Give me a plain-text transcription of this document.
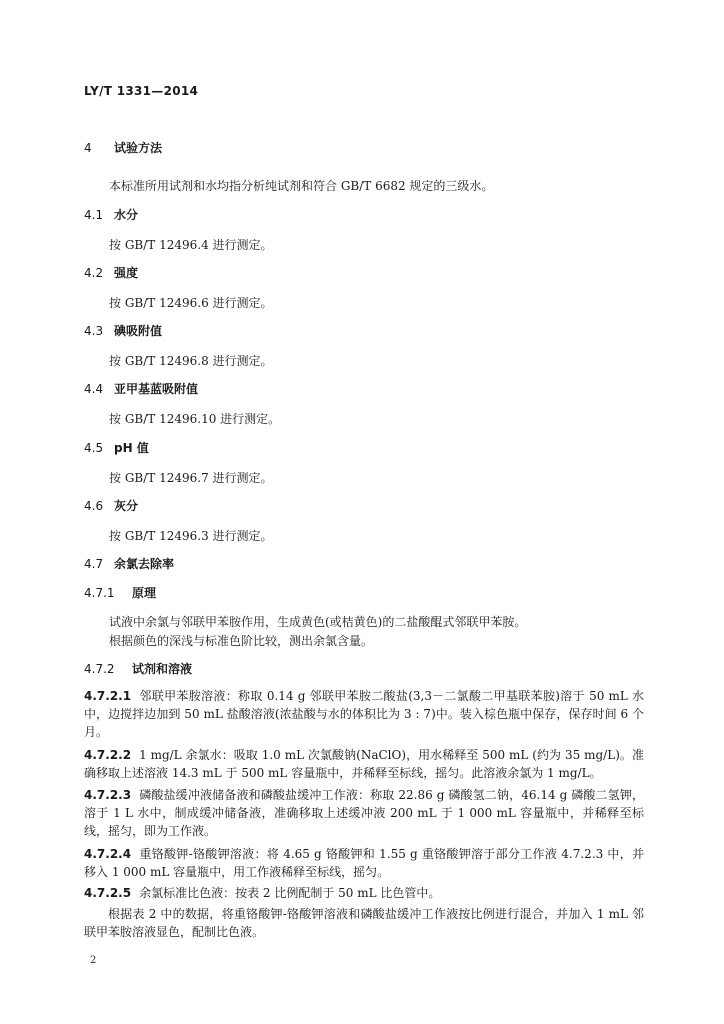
LY/T 1331—2014
4 试验方法
本标准所用试剂和水均指分析纯试剂和符合 GB/T 6682 规定的三级水。
4.1 水分
按 GB/T 12496.4 进行测定。
4.2 强度
按 GB/T 12496.6 进行测定。
4.3 碘吸附值
按 GB/T 12496.8 进行测定。
4.4 亚甲基蓝吸附值
按 GB/T 12496.10 进行测定。
4.5 pH 值
按 GB/T 12496.7 进行测定。
4.6 灰分
按 GB/T 12496.3 进行测定。
4.7 余氯去除率
4.7.1 原理
试液中余氯与邻联甲苯胺作用，生成黄色(或桔黄色)的二盐酸醌式邻联甲苯胺。
根据颜色的深浅与标准色阶比较，测出余氯含量。
4.7.2 试剂和溶液
4.7.2.1 邻联甲苯胺溶液：称取 0.14 g 邻联甲苯胺二酸盐(3,3－二氯酸二甲基联苯胺)溶于 50 mL 水中，边搅拌边加到 50 mL 盐酸溶液(浓盐酸与水的体积比为 3 : 7)中。装入棕色瓶中保存，保存时间 6 个月。
4.7.2.2 1 mg/L 余氯水：吸取 1.0 mL 次氯酸钠(NaClO)，用水稀释至 500 mL (约为 35 mg/L)。准确移取上述溶液 14.3 mL 于 500 mL 容量瓶中，并稀释至标线，摇匀。此溶液余氯为 1 mg/L。
4.7.2.3 磷酸盐缓冲液储备液和磷酸盐缓冲工作液：称取 22.86 g 磷酸氢二钠，46.14 g 磷酸二氢钾，溶于 1 L 水中，制成缓冲储备液，准确移取上述缓冲液 200 mL 于 1 000 mL 容量瓶中，并稀释至标线，摇匀，即为工作液。
4.7.2.4 重铬酸钾-铬酸钾溶液：将 4.65 g 铬酸钾和 1.55 g 重铬酸钾溶于部分工作液 4.7.2.3 中，并移入 1 000 mL 容量瓶中，用工作液稀释至标线，摇匀。
4.7.2.5 余氯标准比色液：按表 2 比例配制于 50 mL 比色管中。
根据表 2 中的数据，将重铬酸钾-铬酸钾溶液和磷酸盐缓冲工作液按比例进行混合，并加入 1 mL 邻联甲苯胺溶液显色，配制比色液。
2
